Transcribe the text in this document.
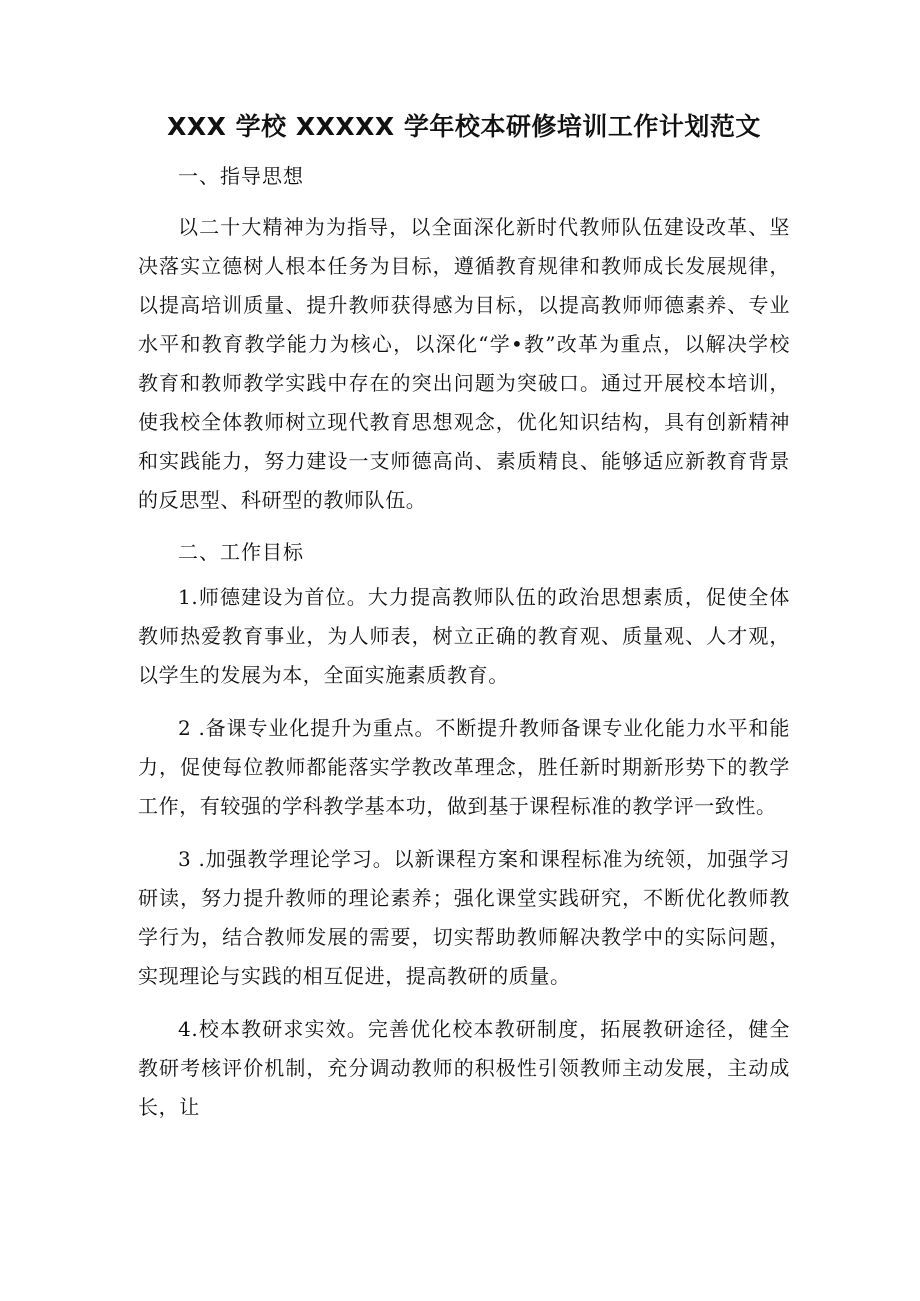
XXX 学校 XXXXX 学年校本研修培训工作计划范文

一、指导思想

以二十大精神为为指导，以全面深化新时代教师队伍建设改革、坚决落实立德树人根本任务为目标，遵循教育规律和教师成长发展规律，以提高培训质量、提升教师获得感为目标，以提高教师师德素养、专业水平和教育教学能力为核心，以深化“学•教”改革为重点，以解决学校教育和教师教学实践中存在的突出问题为突破口。通过开展校本培训，使我校全体教师树立现代教育思想观念，优化知识结构，具有创新精神和实践能力，努力建设一支师德高尚、素质精良、能够适应新教育背景的反思型、科研型的教师队伍。

二、工作目标

1.师德建设为首位。大力提高教师队伍的政治思想素质，促使全体教师热爱教育事业，为人师表，树立正确的教育观、质量观、人才观，以学生的发展为本，全面实施素质教育。

2 .备课专业化提升为重点。不断提升教师备课专业化能力水平和能力，促使每位教师都能落实学教改革理念，胜任新时期新形势下的教学工作，有较强的学科教学基本功，做到基于课程标准的教学评一致性。

3 .加强教学理论学习。以新课程方案和课程标准为统领，加强学习研读，努力提升教师的理论素养；强化课堂实践研究，不断优化教师教学行为，结合教师发展的需要，切实帮助教师解决教学中的实际问题，实现理论与实践的相互促进，提高教研的质量。

4.校本教研求实效。完善优化校本教研制度，拓展教研途径，健全教研考核评价机制，充分调动教师的积极性引领教师主动发展，主动成长，让
